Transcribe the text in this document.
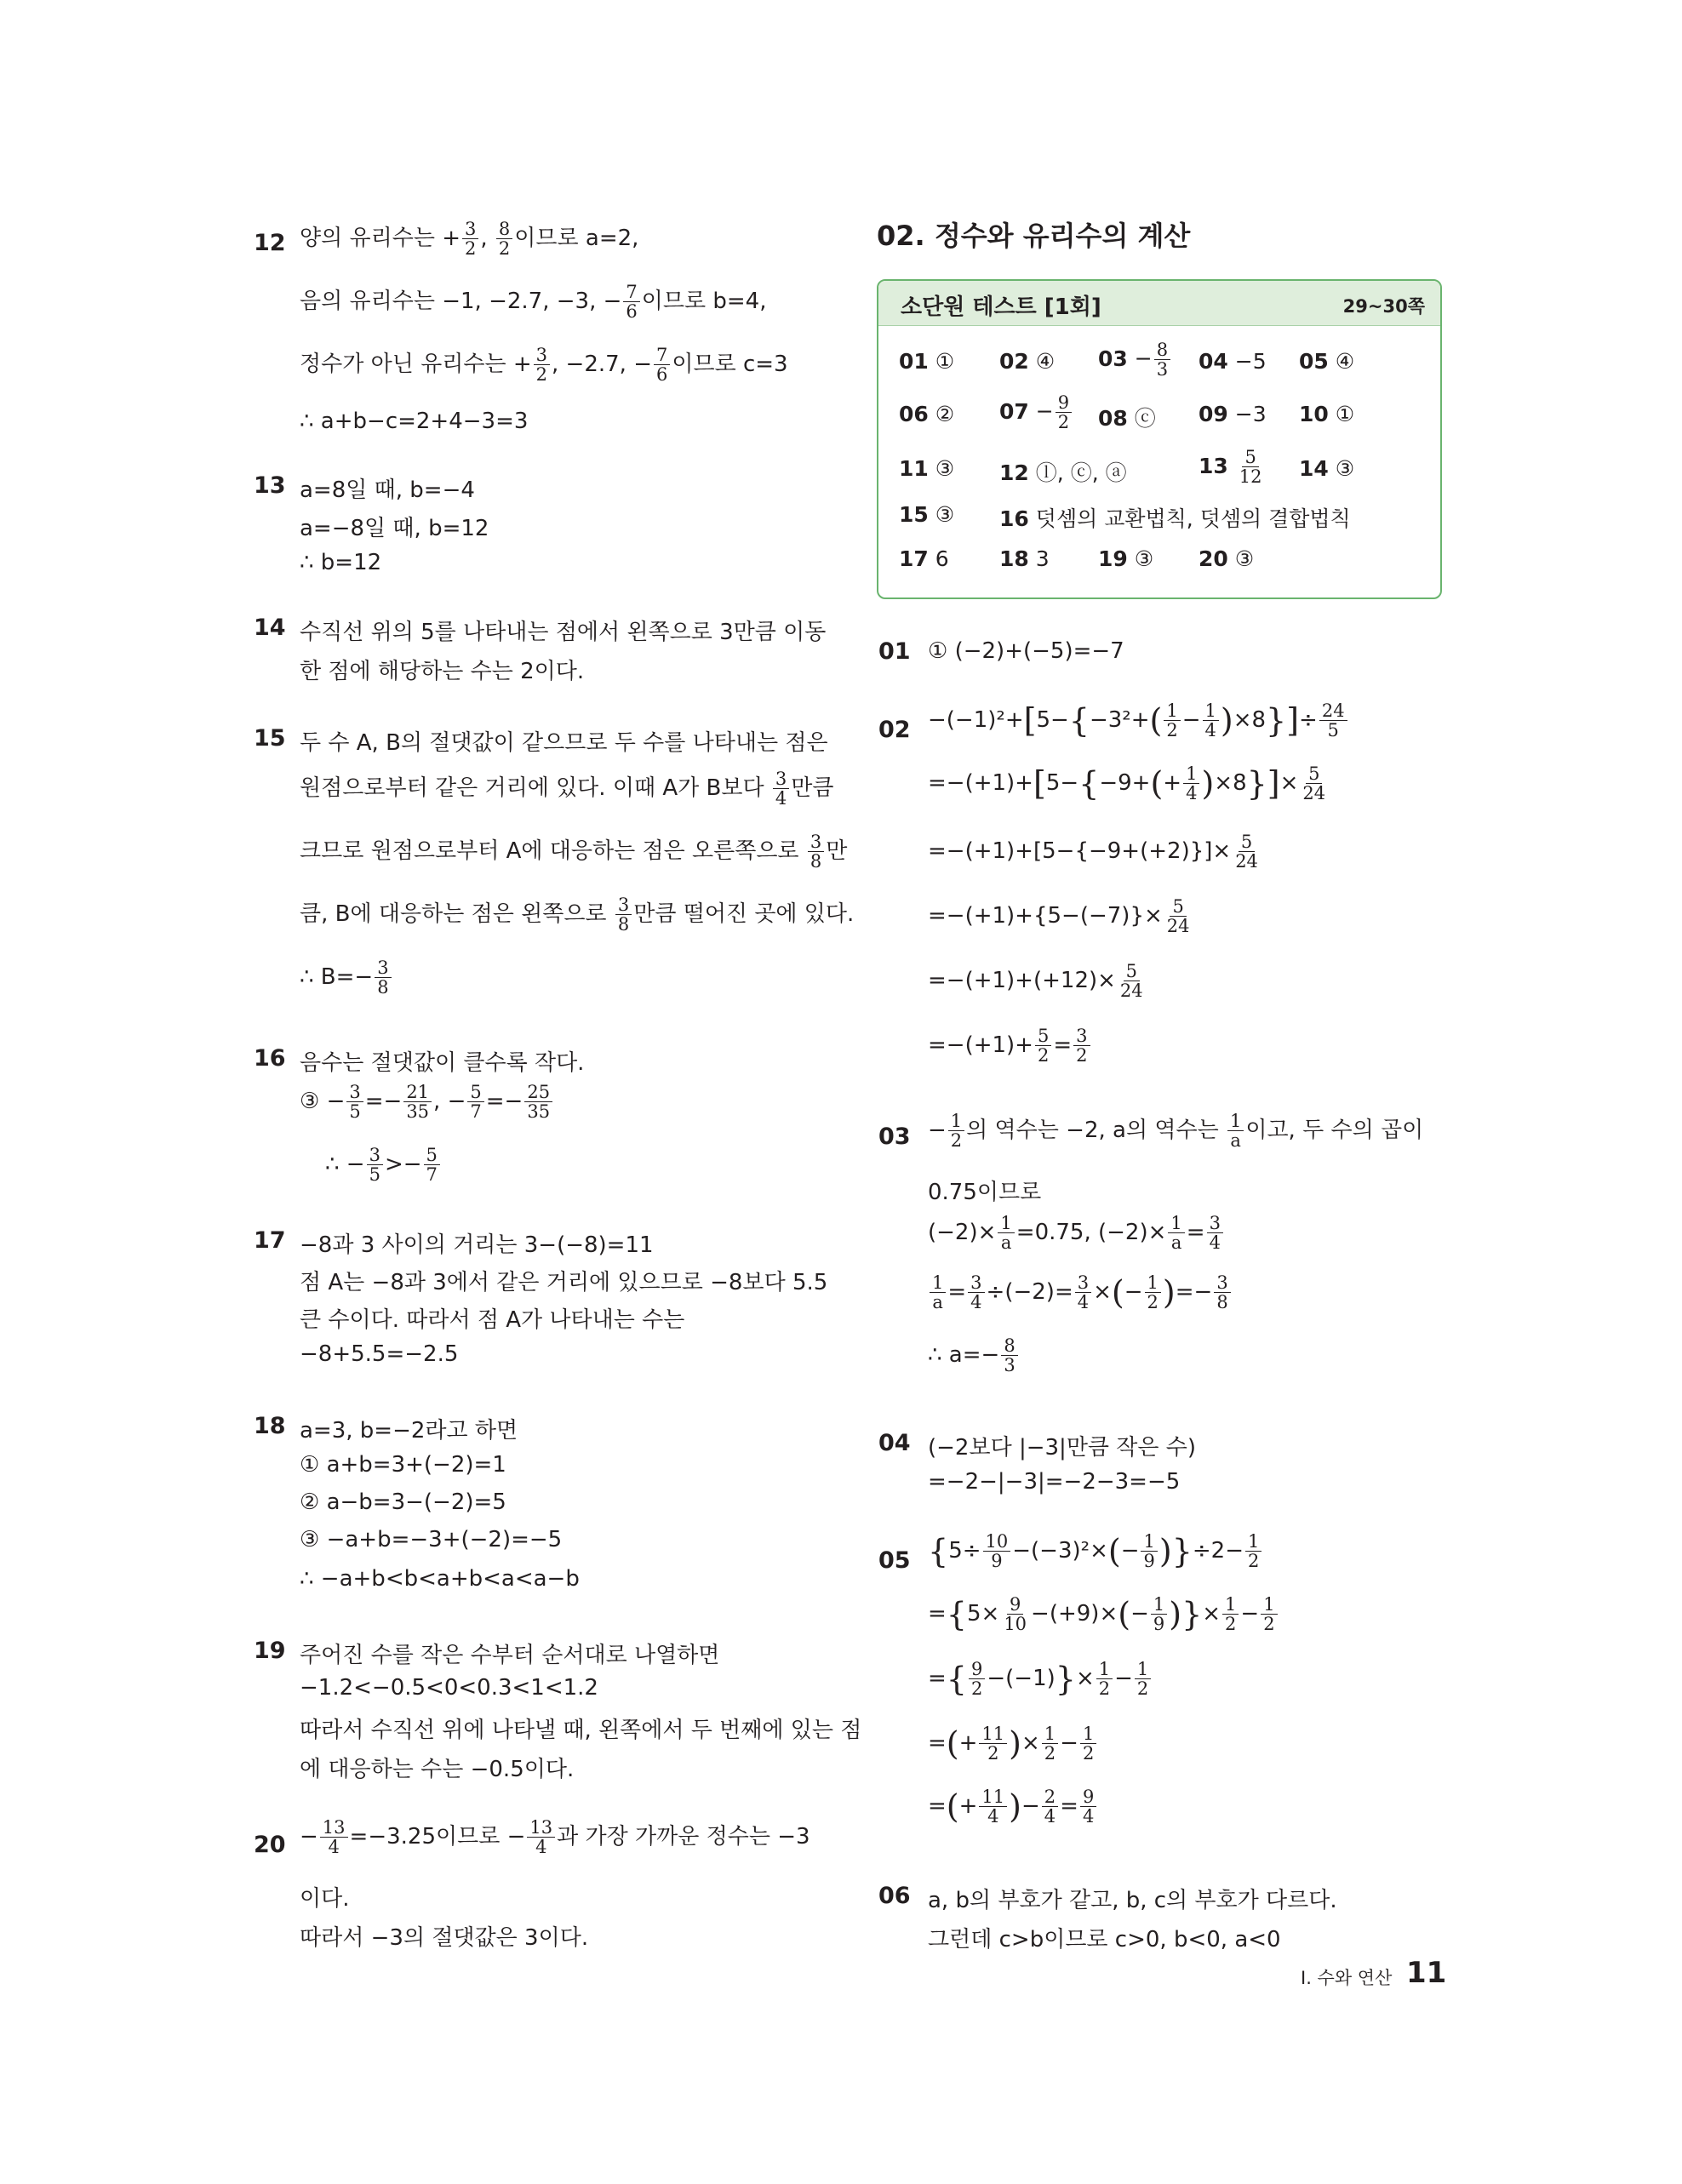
12 양의 유리수는 + $\frac{3}{2}$ , $\frac{8}{2}$ 이므로 a=2,
음의 유리수는 −1, −2.7, −3, − $\frac{7}{6}$ 이므로 b=4,
정수가 아닌 유리수는 + $\frac{3}{2}$ , −2.7, − $\frac{7}{6}$ 이므로 c=3
∴ a+b−c=2+4−3=3
13 a=8일 때, b=−4
a=−8일 때, b=12
∴ b=12
14 수직선 위의 5를 나타내는 점에서 왼쪽으로 3만큼 이동
한 점에 해당하는 수는 2이다.
15 두 수 A, B의 절댓값이 같으므로 두 수를 나타내는 점은
원점으로부터 같은 거리에 있다. 이때 A가 B보다 $\frac{3}{4}$ 만큼
크므로 원점으로부터 A에 대응하는 점은 오른쪽으로 $\frac{3}{8}$ 만
큼, B에 대응하는 점은 왼쪽으로 $\frac{3}{8}$ 만큼 떨어진 곳에 있다.
∴ $B=- \frac{3}{8}$
16 음수는 절댓값이 클수록 작다.
③ − $\frac{3}{5} =- \frac{21}{35}$ , − $\frac{5}{7} =- \frac{25}{35}$
∴ − $\frac{3}{5} >- \frac{5}{7}$
17 −8과 3 사이의 거리는 3−(−8)=11
점 A는 −8과 3에서 같은 거리에 있으므로 −8보다 5.5
큰 수이다. 따라서 점 A가 나타내는 수는
−8+5.5=−2.5
18 a=3, b=−2라고 하면
① a+b=3+(−2)=1
② a−b=3−(−2)=5
③ −a+b=−3+(−2)=−5
∴ −a+b<b<a+b<a<a−b
19 주어진 수를 작은 수부터 순서대로 나열하면
−1.2<−0.5<0<0.3<1<1.2
따라서 수직선 위에 나타낼 때, 왼쪽에서 두 번째에 있는 점
에 대응하는 수는 −0.5이다.
$20 - \frac{13}{4} =-3.25$이므로 − $\frac{13}{4}$ 과 가장 가까운 정수는 −3
이다.
따라서 −3의 절댓값은 3이다.
02. 정수와 유리수의 계산
소단원 테스트 [1회]	29~30쪽
01 ① 02 ④ $03 - \frac{8}{3} 04 -5$ 05 ④
06 ② $07 - \frac{9}{2} 08$ ⓒ 09 −3 10 ①
11 ③ 12 ⓛ, ⓒ, ⓐ	$13 \frac{5}{12} 14$ ③
15 ③ 16 덧셈의 교환법칙, 덧셈의 결합법칙
17 6 18 3 19 ③ 20 ③
01 ① (−2)+(−5)=−7
$02 -(-1)^2+[5-\{-3^2+( \frac{1}{2} - \frac{1}{4} )\times 8\}]\div \frac{24}{5}$
$=-(+1)+[5-\{-9+(+ \frac{1}{4} )\times 8\}]\times \frac{5}{24}$
$=-(+1)+[5-\{-9+(+2)\}]\times \frac{5}{24}$
$=-(+1)+\{5-(-7)\}\times \frac{5}{24}$
$=-(+1)+(+12)\times \frac{5}{24}$
$=-(+1)+ \frac{5}{2} = \frac{3}{2}$
$03 - \frac{1}{2}$ 의 역수는 −2, a의 역수는 $\frac{1}{a}$ 이고, 두 수의 곱이
0.75이므로
$(-2)\times \frac{1}{a} =0.75$, $(-2)\times \frac{1}{a} = \frac{3}{4}$
$\frac{1}{a} = \frac{3}{4} \div(-2)= \frac{3}{4}$ ×(− $\frac{1}{2}$ )=− $\frac{3}{8}$
∴ $a=- \frac{8}{3}$
04 (−2보다 |−3|만큼 작은 수)
=−2−|−3|=−2−3=−5
05 $\{5\div \frac{10}{9} -(-3)^2\times(- \frac{1}{9} )\}\div 2- \frac{1}{2}$
$=\{5\times \frac{9}{10} -(+9)\times(- \frac{1}{9}$ )}× $\frac{1}{2} - \frac{1}{2}$
={ $\frac{9}{2} -(-1)\}\times \frac{1}{2} - \frac{1}{2}$
=(+ $\frac{11}{2}$ )× $\frac{1}{2} - \frac{1}{2}$
=(+ $\frac{11}{4}$ )− $\frac{2}{4} = \frac{9}{4}$
06 a, b의 부호가 같고, b, c의 부호가 다르다.
그런데 c>b이므로 c>0, b<0, a<0
I. 수와 연산 11
